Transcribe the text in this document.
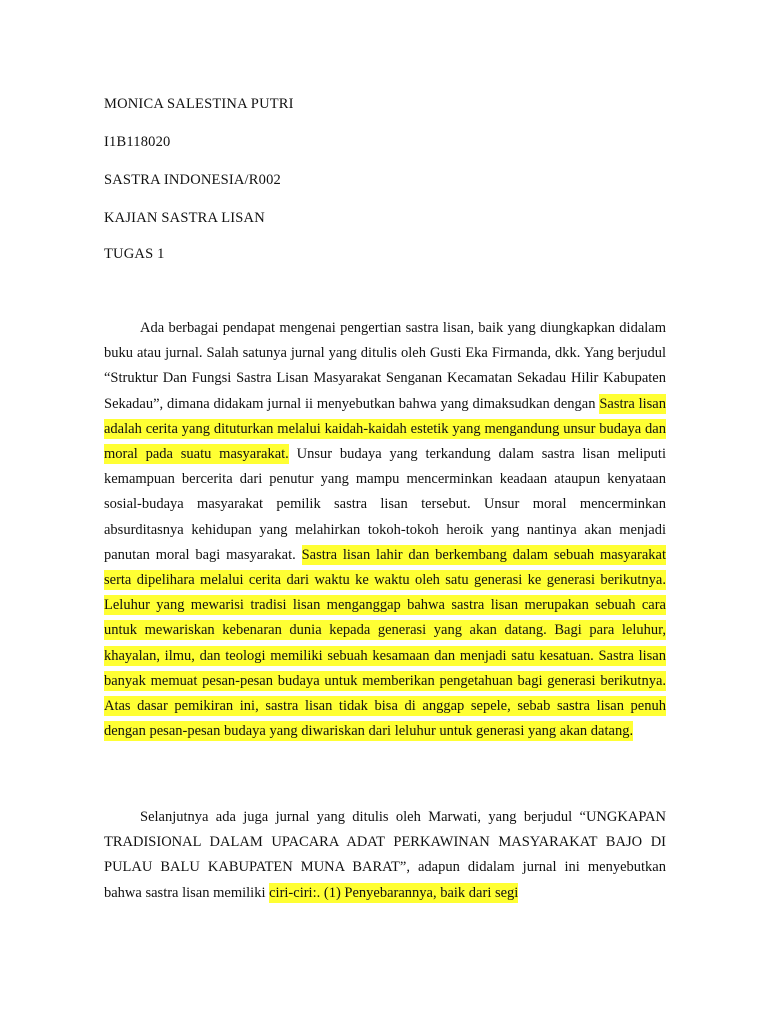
MONICA SALESTINA PUTRI
I1B118020
SASTRA INDONESIA/R002
KAJIAN SASTRA LISAN
TUGAS 1
Ada berbagai pendapat mengenai pengertian sastra lisan, baik yang diungkapkan didalam buku atau jurnal. Salah satunya jurnal yang ditulis oleh Gusti Eka Firmanda, dkk. Yang berjudul “Struktur Dan Fungsi Sastra Lisan Masyarakat Senganan Kecamatan Sekadau Hilir Kabupaten Sekadau”, dimana didakam jurnal ii menyebutkan bahwa yang dimaksudkan dengan Sastra lisan adalah cerita yang dituturkan melalui kaidah-kaidah estetik yang mengandung unsur budaya dan moral pada suatu masyarakat. Unsur budaya yang terkandung dalam sastra lisan meliputi kemampuan bercerita dari penutur yang mampu mencerminkan keadaan ataupun kenyataan sosial-budaya masyarakat pemilik sastra lisan tersebut. Unsur moral mencerminkan absurditasnya kehidupan yang melahirkan tokoh-tokoh heroik yang nantinya akan menjadi panutan moral bagi masyarakat. Sastra lisan lahir dan berkembang dalam sebuah masyarakat serta dipelihara melalui cerita dari waktu ke waktu oleh satu generasi ke generasi berikutnya. Leluhur yang mewarisi tradisi lisan menganggap bahwa sastra lisan merupakan sebuah cara untuk mewariskan kebenaran dunia kepada generasi yang akan datang. Bagi para leluhur, khayalan, ilmu, dan teologi memiliki sebuah kesamaan dan menjadi satu kesatuan. Sastra lisan banyak memuat pesan-pesan budaya untuk memberikan pengetahuan bagi generasi berikutnya. Atas dasar pemikiran ini, sastra lisan tidak bisa di anggap sepele, sebab sastra lisan penuh dengan pesan-pesan budaya yang diwariskan dari leluhur untuk generasi yang akan datang.
Selanjutnya ada juga jurnal yang ditulis oleh Marwati, yang berjudul “UNGKAPAN TRADISIONAL DALAM UPACARA ADAT PERKAWINAN MASYARAKAT BAJO DI PULAU BALU KABUPATEN MUNA BARAT”, adapun didalam jurnal ini menyebutkan bahwa sastra lisan memiliki ciri-ciri:. (1) Penyebarannya, baik dari segi
